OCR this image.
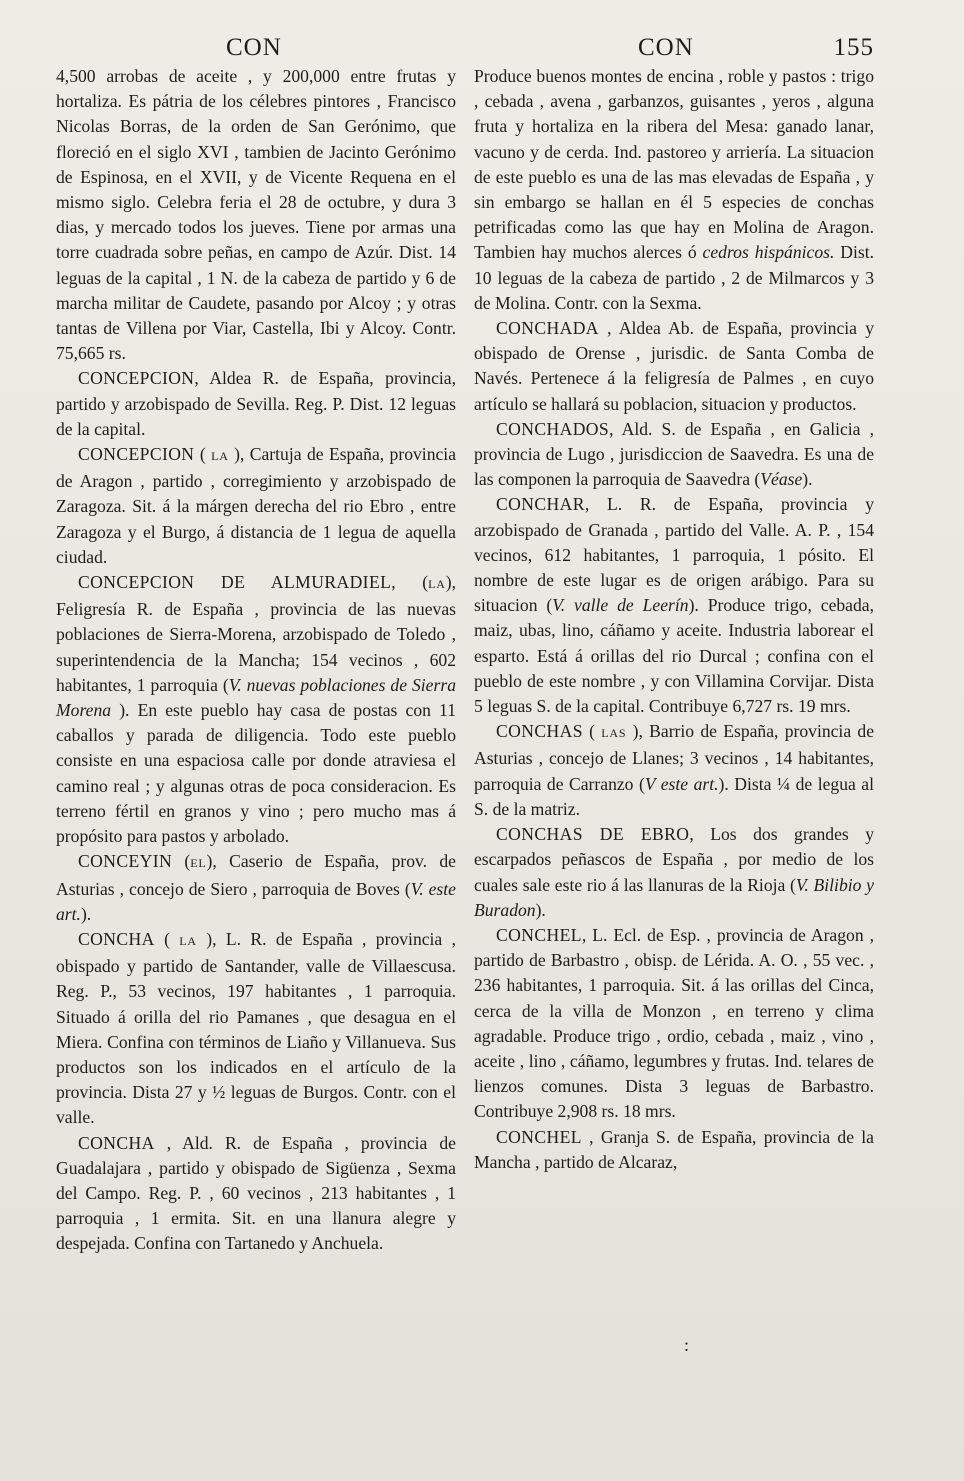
CON

4,500 arrobas de aceite , y 200,000 entre frutas y hortaliza. Es pátria de los célebres pintores , Francisco Nicolas Borras, de la orden de San Gerónimo, que floreció en el siglo XVI , tambien de Jacinto Gerónimo de Espinosa, en el XVII, y de Vicente Requena en el mismo siglo. Celebra feria el 28 de octubre, y dura 3 dias, y mercado todos los jueves. Tiene por armas una torre cuadrada sobre peñas, en campo de Azúr. Dist. 14 leguas de la capital , 1 N. de la cabeza de partido y 6 de marcha militar de Caudete, pasando por Alcoy ; y otras tantas de Villena por Viar, Castella, Ibi y Alcoy. Contr. 75,665 rs.

CONCEPCION, Aldea R. de España, provincia, partido y arzobispado de Sevilla. Reg. P. Dist. 12 leguas de la capital.

CONCEPCION ( LA ), Cartuja de España, provincia de Aragon , partido , corregimiento y arzobispado de Zaragoza. Sit. á la márgen derecha del rio Ebro , entre Zaragoza y el Burgo, á distancia de 1 legua de aquella ciudad.

CONCEPCION DE ALMURADIEL, (LA), Feligresía R. de España , provincia de las nuevas poblaciones de Sierra-Morena, arzobispado de Toledo , superintendencia de la Mancha; 154 vecinos , 602 habitantes, 1 parroquia (V. nuevas poblaciones de Sierra Morena ). En este pueblo hay casa de postas con 11 caballos y parada de diligencia. Todo este pueblo consiste en una espaciosa calle por donde atraviesa el camino real ; y algunas otras de poca consideracion. Es terreno fértil en granos y vino ; pero mucho mas á propósito para pastos y arbolado.

CONCEYIN (EL), Caserio de España, prov. de Asturias , concejo de Siero , parroquia de Boves (V. este art.).

CONCHA ( LA ), L. R. de España , provincia , obispado y partido de Santander, valle de Villaescusa. Reg. P., 53 vecinos, 197 habitantes , 1 parroquia. Situado á orilla del rio Pamanes , que desagua en el Miera. Confina con términos de Liaño y Villanueva. Sus productos son los indicados en el artículo de la provincia. Dista 27 y ½ leguas de Burgos. Contr. con el valle.

CONCHA , Ald. R. de España , provincia de Guadalajara , partido y obispado de Sigüenza , Sexma del Campo. Reg. P. , 60 vecinos , 213 habitantes , 1 parroquia , 1 ermita. Sit. en una llanura alegre y despejada. Confina con Tartanedo y Anchuela.

CON	155

Produce buenos montes de encina , roble y pastos : trigo , cebada , avena , garbanzos, guisantes , yeros , alguna fruta y hortaliza en la ribera del Mesa: ganado lanar, vacuno y de cerda. Ind. pastoreo y arriería. La situacion de este pueblo es una de las mas elevadas de España , y sin embargo se hallan en él 5 especies de conchas petrificadas como las que hay en Molina de Aragon. Tambien hay muchos alerces ó cedros hispánicos. Dist. 10 leguas de la cabeza de partido , 2 de Milmarcos y 3 de Molina. Contr. con la Sexma.

CONCHADA , Aldea Ab. de España, provincia y obispado de Orense , jurisdic. de Santa Comba de Navés. Pertenece á la feligresía de Palmes , en cuyo artículo se hallará su poblacion, situacion y productos.

CONCHADOS, Ald. S. de España , en Galicia , provincia de Lugo , jurisdiccion de Saavedra. Es una de las componen la parroquia de Saavedra (Véase).

CONCHAR, L. R. de España, provincia y arzobispado de Granada , partido del Valle. A. P. , 154 vecinos, 612 habitantes, 1 parroquia, 1 pósito. El nombre de este lugar es de origen arábigo. Para su situacion (V. valle de Leerín). Produce trigo, cebada, maiz, ubas, lino, cáñamo y aceite. Industria laborear el esparto. Está á orillas del rio Durcal ; confina con el pueblo de este nombre , y con Villamina Corvijar. Dista 5 leguas S. de la capital. Contribuye 6,727 rs. 19 mrs.

CONCHAS ( LAS ), Barrio de España, provincia de Asturias , concejo de Llanes; 3 vecinos , 14 habitantes, parroquia de Carranzo (V este art.). Dista ¼ de legua al S. de la matriz.

CONCHAS DE EBRO, Los dos grandes y escarpados peñascos de España , por medio de los cuales sale este rio á las llanuras de la Rioja (V. Bilibio y Buradon).

CONCHEL, L. Ecl. de Esp. , provincia de Aragon , partido de Barbastro , obisp. de Lérida. A. O. , 55 vec. , 236 habitantes, 1 parroquia. Sit. á las orillas del Cinca, cerca de la villa de Monzon , en terreno y clima agradable. Produce trigo , ordio, cebada , maiz , vino , aceite , lino , cáñamo, legumbres y frutas. Ind. telares de lienzos comunes. Dista 3 leguas de Barbastro. Contribuye 2,908 rs. 18 mrs.

CONCHEL , Granja S. de España, provincia de la Mancha , partido de Alcaraz,

:
